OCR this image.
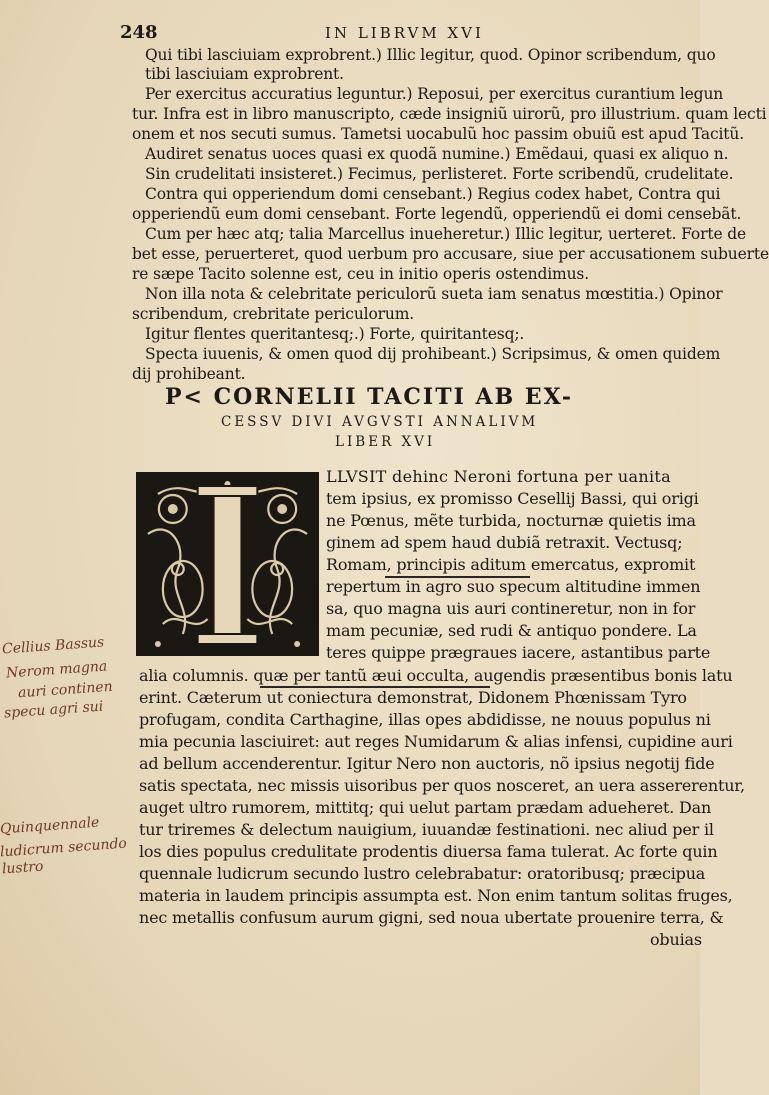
248	IN LIBRVM XVI
Qui tibi lasciuiam exprobrent.) Illic legitur, quod. Opinor scribendum, quo
tibi lasciuiam exprobrent.
Per exercitus accuratius leguntur.) Reposui, per exercitus curantium legun
tur. Infra est in libro manuscripto, cæde insigniũ uirorũ, pro illustrium. quam lecti
onem et nos secuti sumus. Tametsi uocabulũ hoc passim obuiũ est apud Tacitũ.
Audiret senatus uoces quasi ex quodã numine.) Emẽdaui, quasi ex aliquo n.
Sin crudelitati insisteret.) Fecimus, perlisteret. Forte scribendũ, crudelitate.
Contra qui opperiendum domi censebant.) Regius codex habet, Contra qui
opperiendũ eum domi censebant. Forte legendũ, opperiendũ ei domi censebãt.
Cum per hæc atq; talia Marcellus inueheretur.) Illic legitur, uerteret. Forte de
bet esse, peruerteret, quod uerbum pro accusare, siue per accusationem subuerte
re sæpe Tacito solenne est, ceu in initio operis ostendimus.
Non illa nota & celebritate periculorũ sueta iam senatus mœstitia.) Opinor
scribendum, crebritate periculorum.
Igitur flentes queritantesq;.) Forte, quiritantesq;.
Specta iuuenis, & omen quod dij prohibeant.) Scripsimus, & omen quidem
dij prohibeant.
P< CORNELII TACITI AB EX-
CESSV DIVI AVGVSTI ANNALIVM
LIBER XVI
LLVSIT dehinc Neroni fortuna per uanita
tem ipsius, ex promisso Cesellij Bassi, qui origi
ne Pœnus, mẽte turbida, nocturnæ quietis ima
ginem ad spem haud dubiã retraxit. Vectusq;
Romam, principis aditum emercatus, expromit
repertum in agro suo specum altitudine immen
sa, quo magna uis auri contineretur, non in for
mam pecuniæ, sed rudi & antiquo pondere. La
teres quippe prægraues iacere, astantibus parte
alia columnis. quæ per tantũ æui occulta, augendis præsentibus bonis latu
erint. Cæterum ut coniectura demonstrat, Didonem Phœnissam Tyro
profugam, condita Carthagine, illas opes abdidisse, ne nouus populus ni
mia pecunia lasciuiret: aut reges Numidarum & alias infensi, cupidine auri
ad bellum accenderentur. Igitur Nero non auctoris, nõ ipsius negotij fide
satis spectata, nec missis uisoribus per quos nosceret, an uera assererentur,
auget ultro rumorem, mittitq; qui uelut partam prædam adueheret. Dan
tur triremes & delectum nauigium, iuuandæ festinationi. nec aliud per il
los dies populus credulitate prodentis diuersa fama tulerat. Ac forte quin
quennale ludicrum secundo lustro celebrabatur: oratoribusq; præcipua
materia in laudem principis assumpta est. Non enim tantum solitas fruges,
nec metallis confusum aurum gigni, sed noua ubertate prouenire terra, &
obuias
Cellius Bassus
Nerom magna
auri continen
specu agri sui
Quinquennale
ludicrum secundo
lustro
